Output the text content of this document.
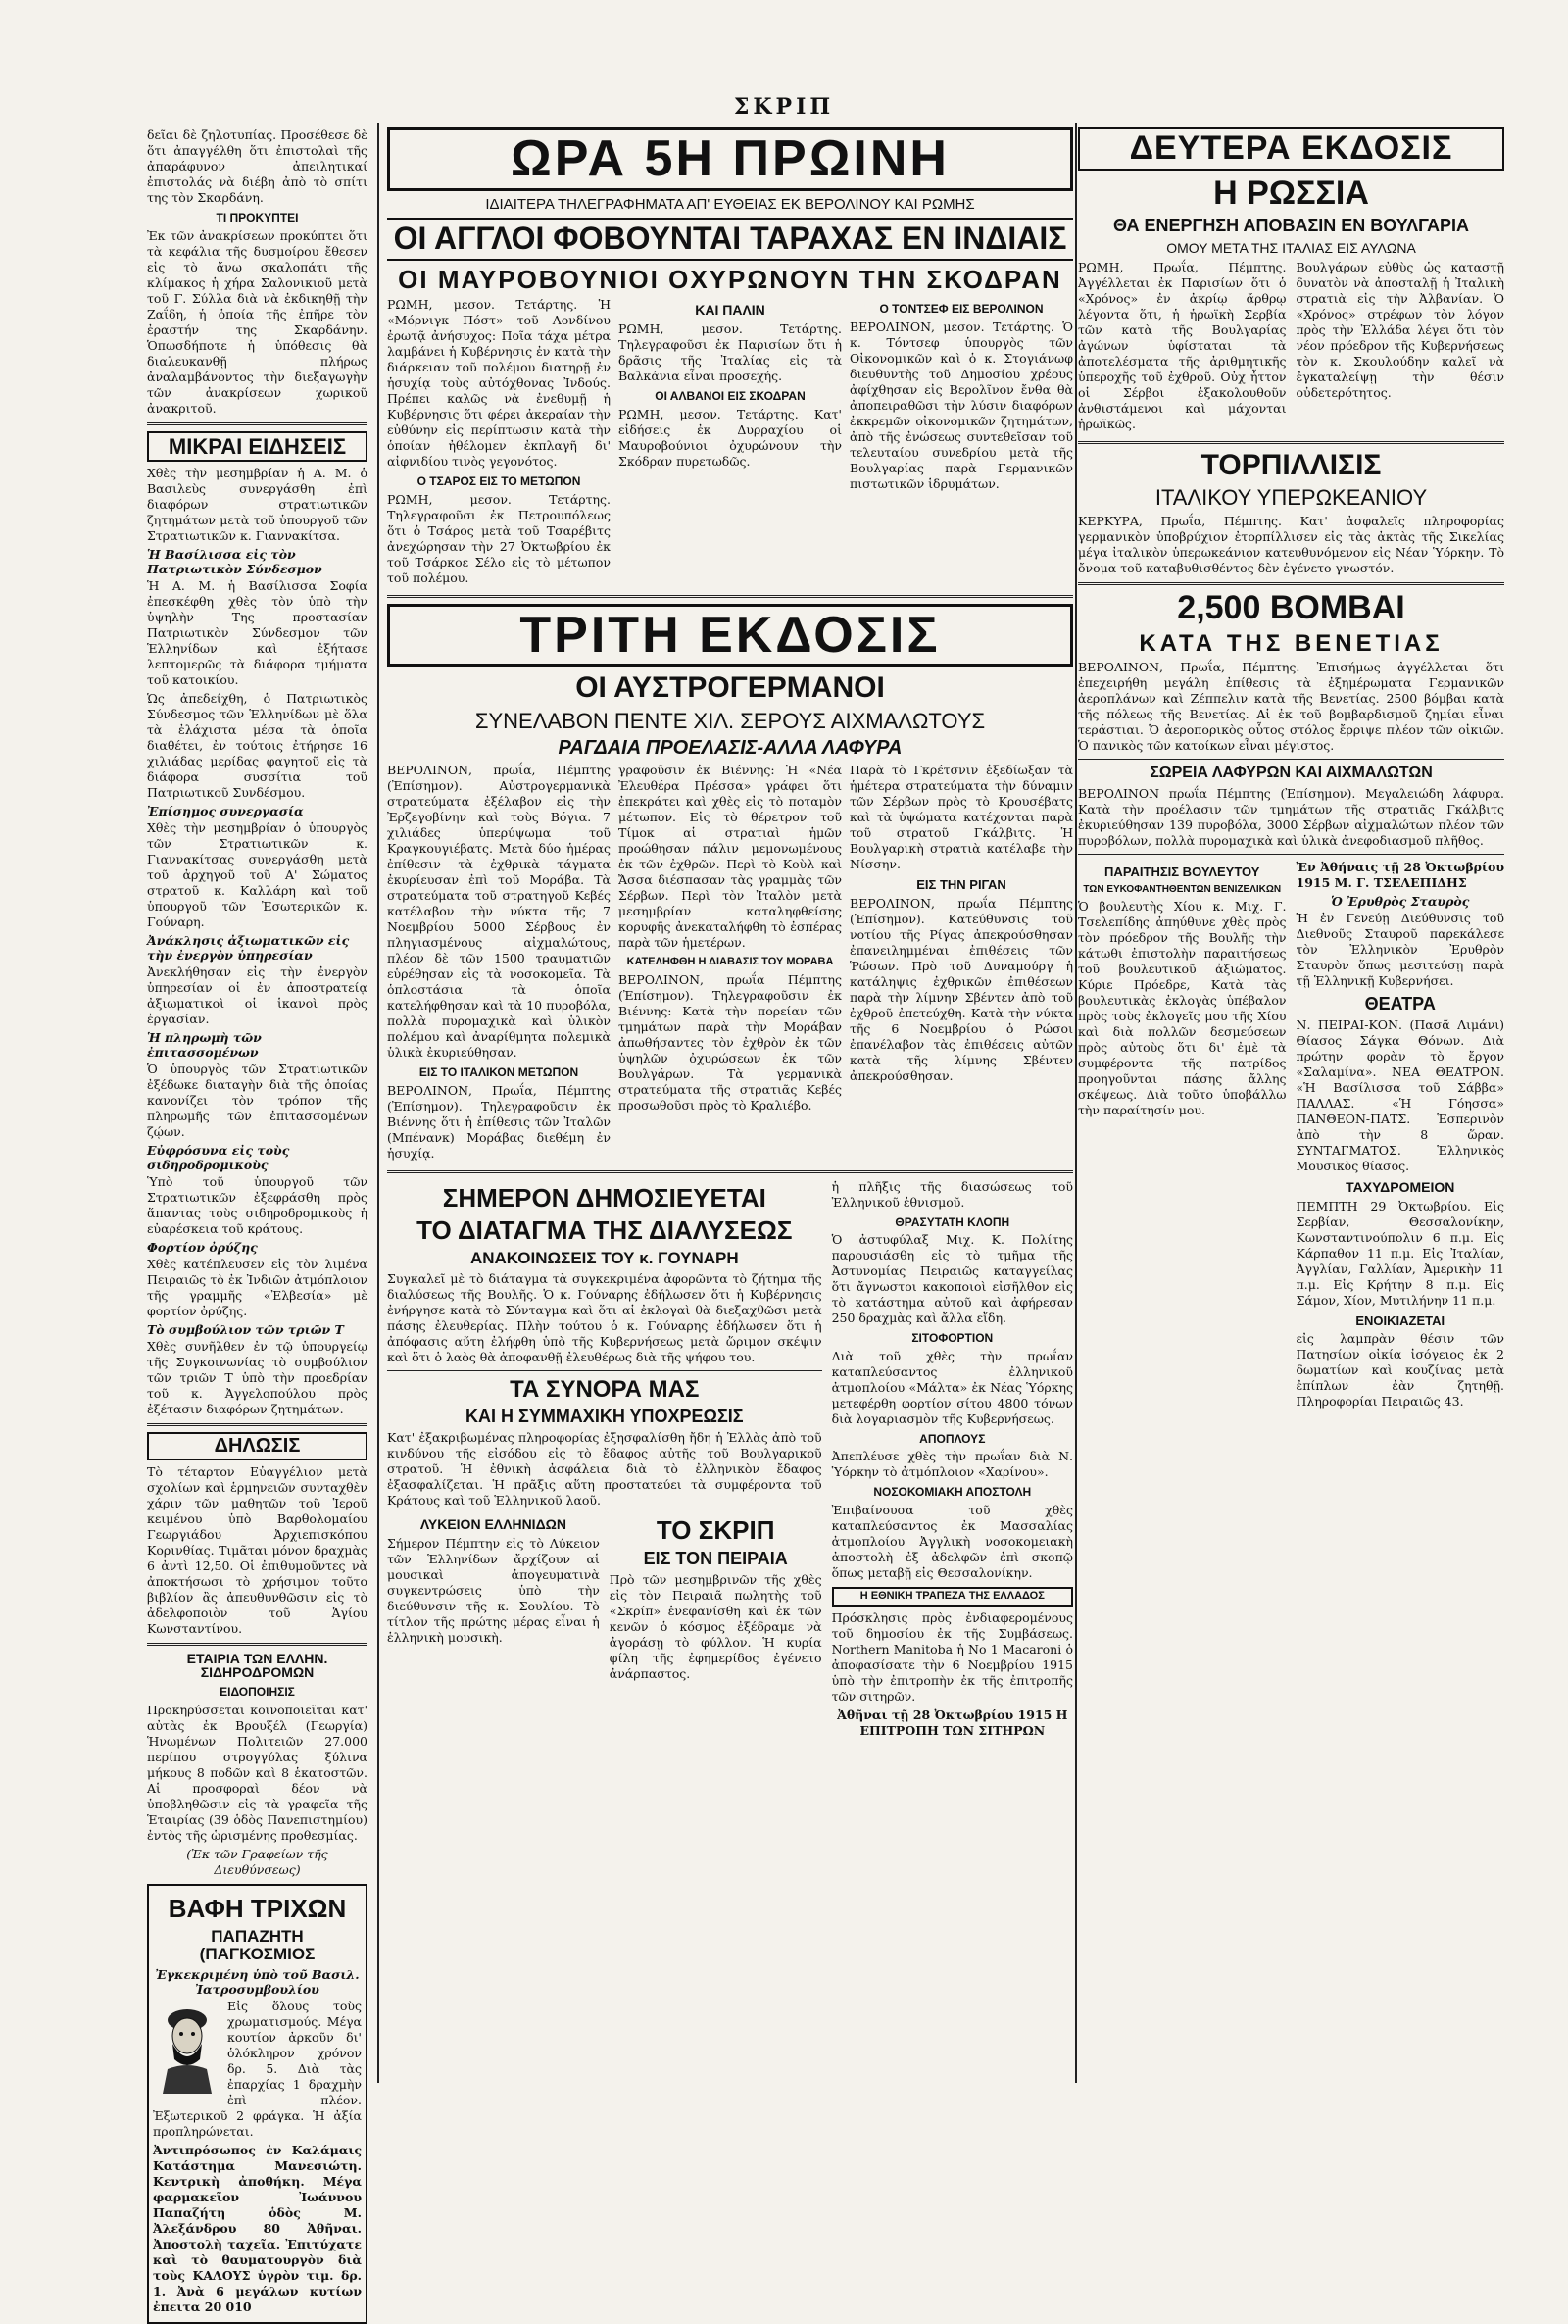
ΣΚΡΙΠ

δεῖαι δὲ ζηλοτυπίας. Προσέθεσε δὲ ὅτι ἀπαγγέλθη ὅτι ἐπιστολαὶ τῆς ἀπαράφυνον ἀπειλητικαί ἐπιστολάς νὰ διέβη ἀπὸ τὸ σπίτι της τὸν Σκαρδάνη.

ΤΙ ΠΡΟΚΥΠΤΕΙ

Ἐκ τῶν ἀνακρίσεων προκύπτει ὅτι τὰ κεφάλια τῆς δυσμοίρου ἔθεσεν εἰς τὸ ἄνω σκαλοπάτι τῆς κλίμακος ἡ χήρα Σαλονικιοῦ μετὰ τοῦ Γ. Σύλλα διὰ νὰ ἐκδικηθῇ τὴν Ζαΐδη, ἡ ὁποία τῆς ἐπῆρε τὸν ἐραστήν της Σκαρδάνην. Ὁπωσδήποτε ἡ ὑπόθεσις θὰ διαλευκανθῇ πλήρως ἀναλαμβάνοντος τὴν διεξαγωγὴν τῶν ἀνακρίσεων χωρικοῦ ἀνακριτοῦ.

ΜΙΚΡΑΙ ΕΙΔΗΣΕΙΣ

Χθὲς τὴν μεσημβρίαν ἡ Α. Μ. ὁ Βασιλεὺς συνεργάσθη ἐπὶ διαφόρων στρατιωτικῶν ζητημάτων μετὰ τοῦ ὑπουργοῦ τῶν Στρατιωτικῶν κ. Γιαννακίτσα.

Ἡ Βασίλισσα εἰς τὸν Πατριωτικὸν Σύνδεσμον

Ἡ Α. Μ. ἡ Βασίλισσα Σοφία ἐπεσκέφθη χθὲς τὸν ὑπὸ τὴν ὑψηλὴν Της προστασίαν Πατριωτικὸν Σύνδεσμον τῶν Ἑλληνίδων καὶ ἐξήτασε λεπτομερῶς τὰ διάφορα τμήματα τοῦ κατοικίου.

Ὡς ἀπεδείχθη, ὁ Πατριωτικὸς Σύνδεσμος τῶν Ἑλληνίδων μὲ ὅλα τὰ ἐλάχιστα μέσα τὰ ὁποῖα διαθέτει, ἐν τούτοις ἐτήρησε 16 χιλιάδας μερίδας φαγητοῦ εἰς τὰ διάφορα συσσίτια τοῦ Πατριωτικοῦ Συνδέσμου.

Ἐπίσημος συνεργασία

Χθὲς τὴν μεσημβρίαν ὁ ὑπουργὸς τῶν Στρατιωτικῶν κ. Γιαννακίτσας συνεργάσθη μετὰ τοῦ ἀρχηγοῦ τοῦ Α' Σώματος στρατοῦ κ. Καλλάρη καὶ τοῦ ὑπουργοῦ τῶν Ἐσωτερικῶν κ. Γούναρη.

Ἀνάκλησις ἀξιωματικῶν εἰς τὴν ἐνεργὸν ὑπηρεσίαν

Ἀνεκλήθησαν εἰς τὴν ἐνεργὸν ὑπηρεσίαν οἱ ἐν ἀποστρατείᾳ ἀξιωματικοὶ οἱ ἱκανοὶ πρὸς ἐργασίαν.

Ἡ πληρωμὴ τῶν ἐπιτασσομένων

Ὁ ὑπουργὸς τῶν Στρατιωτικῶν ἐξέδωκε διαταγὴν διὰ τῆς ὁποίας κανονίζει τὸν τρόπον τῆς πληρωμῆς τῶν ἐπιτασσομένων ζῴων.

Εὐφρόσυνα εἰς τοὺς σιδηροδρομικοὺς

Ὑπὸ τοῦ ὑπουργοῦ τῶν Στρατιωτικῶν ἐξεφράσθη πρὸς ἅπαντας τοὺς σιδηροδρομικοὺς ἡ εὐαρέσκεια τοῦ κράτους.

Φορτίον ὀρύζης

Χθὲς κατέπλευσεν εἰς τὸν λιμένα Πειραιῶς τὸ ἐκ Ἰνδιῶν ἀτμόπλοιον τῆς γραμμῆς «Ἐλβεσία» μὲ φορτίον ὀρύζης.

Τὸ συμβούλιον τῶν τριῶν Τ

Χθὲς συνῆλθεν ἐν τῷ ὑπουργείῳ τῆς Συγκοινωνίας τὸ συμβούλιον τῶν τριῶν Τ ὑπὸ τὴν προεδρίαν τοῦ κ. Ἀγγελοπούλου πρὸς ἐξέτασιν διαφόρων ζητημάτων.

ΔΗΛΩΣΙΣ

Τὸ τέταρτον Εὐαγγέλιον μετὰ σχολίων καὶ ἑρμηνειῶν συνταχθὲν χάριν τῶν μαθητῶν τοῦ Ἱεροῦ κειμένου ὑπὸ Βαρθολομαίου Γεωργιάδου Ἀρχιεπισκόπου Κορινθίας. Τιμᾶται μόνον δραχμὰς 6 ἀντὶ 12,50. Οἱ ἐπιθυμοῦντες νὰ ἀποκτήσωσι τὸ χρήσιμον τοῦτο βιβλίον ἂς ἀπευθυνθῶσιν εἰς τὸ ἀδελφοποιὸν τοῦ Ἁγίου Κωνσταντίνου.

ΕΤΑΙΡΙΑ ΤΩΝ ΕΛΛΗΝ. ΣΙΔΗΡΟΔΡΟΜΩΝ
ΕΙΔΟΠΟΙΗΣΙΣ

Προκηρύσσεται κοινοποιεῖται κατ' αὐτὰς ἐκ Βρουξέλ (Γεωργία) Ἡνωμένων Πολιτειῶν 27.000 περίπου στρογγύλας ξύλινα μήκους 8 ποδῶν καὶ 8 ἑκατοστῶν. Αἱ προσφοραὶ δέον νὰ ὑποβληθῶσιν εἰς τὰ γραφεῖα τῆς Ἑταιρίας (39 ὁδὸς Πανεπιστημίου) ἐντὸς τῆς ὡρισμένης προθεσμίας.

(Ἐκ τῶν Γραφείων τῆς Διευθύνσεως)

ΒΑΦΗ ΤΡΙΧΩΝ
ΠΑΠΑΖΗΤΗ (ΠΑΓΚΟΣΜΙΟΣ
Ἐγκεκριμένη ὑπὸ τοῦ Βασιλ. Ἰατροσυμβουλίου

Εἰς ὅλους τοὺς χρωματισμούς. Μέγα κουτίον ἀρκοῦν δι' ὁλόκληρον χρόνον δρ. 5. Διὰ τὰς ἐπαρχίας 1 δραχμὴν ἐπὶ πλέον. Ἐξωτερικοῦ 2 φράγκα. Ἡ ἀξία προπληρώνεται.

Ἀντιπρόσωπος ἐν Καλάμαις Κατάστημα Μανεσιώτη. Κεντρικὴ ἀποθήκη. Μέγα φαρμακεῖον Ἰωάννου Παπαζήτη ὁδὸς Μ. Ἀλεξάνδρου 80 Ἀθῆναι. Ἀποστολὴ ταχεῖα. Ἐπιτύχατε καὶ τὸ θαυματουργὸν διὰ τοὺς ΚΑΛΟΥΣ ὑγρὸν τιμ. δρ. 1. Ἀνὰ 6 μεγάλων κυτίων ἐπειτα 20 010

ΩΡΑ 5Η ΠΡΩΙΝΗ
ΙΔΙΑΙΤΕΡΑ ΤΗΛΕΓΡΑΦΗΜΑΤΑ ΑΠ' ΕΥΘΕΙΑΣ ΕΚ ΒΕΡΟΛΙΝΟΥ ΚΑΙ ΡΩΜΗΣ
ΟΙ ΑΓΓΛΟΙ ΦΟΒΟΥΝΤΑΙ ΤΑΡΑΧΑΣ ΕΝ ΙΝΔΙΑΙΣ
ΟΙ ΜΑΥΡΟΒΟΥΝΙΟΙ ΟΧΥΡΩΝΟΥΝ ΤΗΝ ΣΚΟΔΡΑΝ

ΡΩΜΗ, μεσον. Τετάρτης. Ἡ «Μόρνιγκ Πόστ» τοῦ Λονδίνου ἐρωτᾷ ἀνήσυχος: Ποῖα τάχα μέτρα λαμβάνει ἡ Κυβέρνησις ἐν κατὰ τὴν διάρκειαν τοῦ πολέμου διατηρῇ ἐν ἡσυχίᾳ τοὺς αὐτόχθονας Ἰνδούς. Πρέπει καλῶς νὰ ἐνεθυμῇ ἡ Κυβέρνησις ὅτι φέρει ἀκεραίαν τὴν εὐθύνην εἰς περίπτωσιν κατὰ τὴν ὁποίαν ἠθέλομεν ἐκπλαγῆ δι' αἰφνιδίου τινὸς γεγονότος.

Ο ΤΣΑΡΟΣ ΕΙΣ ΤΟ ΜΕΤΩΠΟΝ

ΡΩΜΗ, μεσον. Τετάρτης. Τηλεγραφοῦσι ἐκ Πετρουπόλεως ὅτι ὁ Τσάρος μετὰ τοῦ Τσαρέβιτς ἀνεχώρησαν τὴν 27 Ὀκτωβρίου ἐκ τοῦ Τσάρκοε Σέλο εἰς τὸ μέτωπον τοῦ πολέμου.

ΚΑΙ ΠΑΛΙΝ

ΡΩΜΗ, μεσον. Τετάρτης. Τηλεγραφοῦσι ἐκ Παρισίων ὅτι ἡ δρᾶσις τῆς Ἰταλίας εἰς τὰ Βαλκάνια εἶναι προσεχής.

ΟΙ ΑΛΒΑΝΟΙ ΕΙΣ ΣΚΟΔΡΑΝ

ΡΩΜΗ, μεσον. Τετάρτης. Κατ' εἰδήσεις ἐκ Δυρραχίου οἱ Μαυροβούνιοι ὀχυρώνουν τὴν Σκόδραν πυρετωδῶς.

Ο ΤΟΝΤΣΕΦ ΕΙΣ ΒΕΡΟΛΙΝΟΝ

ΒΕΡΟΛΙΝΟΝ, μεσον. Τετάρτης. Ὁ κ. Τόντσεφ ὑπουργὸς τῶν Οἰκονομικῶν καὶ ὁ κ. Στογιάνωφ διευθυντὴς τοῦ Δημοσίου χρέους ἀφίχθησαν εἰς Βερολῖνον ἔνθα θὰ ἀποπειραθῶσι τὴν λύσιν διαφόρων ἐκκρεμῶν οἰκονομικῶν ζητημάτων, ἀπὸ τῆς ἐνώσεως συντεθεῖσαν τοῦ τελευταίου συνεδρίου μετὰ τῆς Βουλγαρίας παρὰ Γερμανικῶν πιστωτικῶν ἱδρυμάτων.

ΤΡΙΤΗ ΕΚΔΟΣΙΣ
ΟΙ ΑΥΣΤΡΟΓΕΡΜΑΝΟΙ
ΣΥΝΕΛΑΒΟΝ ΠΕΝΤΕ ΧΙΛ. ΣΕΡΟΥΣ ΑΙΧΜΑΛΩΤΟΥΣ
ΡΑΓΔΑΙΑ ΠΡΟΕΛΑΣΙΣ-ΑΛΛΑ ΛΑΦΥΡΑ

ΒΕΡΟΛΙΝΟΝ, πρωΐα, Πέμπτης (Ἐπίσημον). Αὐστρογερμανικὰ στρατεύματα ἐξέλαβον εἰς τὴν Ἐρζεγοβίνην καὶ τοὺς Βόγια. 7 χιλιάδες ὑπερύψωμα τοῦ Κραγκουγιέβατς. Μετὰ δύο ἡμέρας ἐπίθεσιν τὰ ἐχθρικὰ τάγματα ἐκυρίευσαν ἐπὶ τοῦ Μοράβα. Τὰ στρατεύματα τοῦ στρατηγοῦ Κεβές κατέλαβον τὴν νύκτα τῆς 7 Νοεμβρίου 5000 Σέρβους ἐν πληγιασμένους αἰχμαλώτους, πλέον δὲ τῶν 1500 τραυματιῶν εὑρέθησαν εἰς τὰ νοσοκομεῖα. Τὰ ὁπλοστάσια τὰ ὁποῖα κατελήφθησαν καὶ τὰ 10 πυροβόλα, πολλὰ πυρομαχικὰ καὶ ὑλικὸν πολέμου καὶ ἀναρίθμητα πολεμικὰ ὑλικὰ ἐκυριεύθησαν.

ΕΙΣ ΤΟ ΙΤΑΛΙΚΟΝ ΜΕΤΩΠΟΝ

ΒΕΡΟΛΙΝΟΝ, Πρωΐα, Πέμπτης (Ἐπίσημον). Τηλεγραφοῦσιν ἐκ Βιέννης ὅτι ἡ ἐπίθεσις τῶν Ἰταλῶν (Μπένανκ) Μοράβας διεθέμη ἐν ἡσυχίᾳ.

γραφοῦσιν ἐκ Βιέννης: Ἡ «Νέα Ἐλευθέρα Πρέσσα» γράφει ὅτι ἐπεκράτει καὶ χθὲς εἰς τὸ ποταμὸν μέτωπον. Εἰς τὸ θέρετρον τοῦ Τίμοκ αἱ στρατιαὶ ἡμῶν προώθησαν πάλιν μεμονωμένους ἐκ τῶν ἐχθρῶν. Περὶ τὸ Κοὺλ καὶ Ἄσσα διέσπασαν τὰς γραμμὰς τῶν Σέρβων. Περὶ τὸν Ἰταλὸν μετὰ μεσημβρίαν καταληφθείσης κορυφῆς ἀνεκαταλήφθη τὸ ἐσπέρας παρὰ τῶν ἡμετέρων.

ΚΑΤΕΛΗΦΘΗ Η ΔΙΑΒΑΣΙΣ ΤΟΥ ΜΟΡΑΒΑ

ΒΕΡΟΛΙΝΟΝ, πρωΐα Πέμπτης (Ἐπίσημον). Τηλεγραφοῦσιν ἐκ Βιέννης: Κατὰ τὴν πορείαν τῶν τμημάτων παρὰ τὴν Μοράβαν ἀπωθήσαντες τὸν ἐχθρὸν ἐκ τῶν ὑψηλῶν ὀχυρώσεων ἐκ τῶν Βουλγάρων. Τὰ γερμανικὰ στρατεύματα τῆς στρατιᾶς Κεβές προσωθοῦσι πρὸς τὸ Κραλιέβο.

Παρὰ τὸ Γκρέτσνιν ἐξεδίωξαν τὰ ἡμέτερα στρατεύματα τὴν δύναμιν τῶν Σέρβων πρὸς τὸ Κρουσέβατς καὶ τὰ ὑψώματα κατέχονται παρὰ τοῦ στρατοῦ Γκάλβιτς. Ἡ Βουλγαρικὴ στρατιὰ κατέλαβε τὴν Νίσσην.

ΕΙΣ ΤΗΝ ΡΙΓΑΝ

ΒΕΡΟΛΙΝΟΝ, πρωΐα Πέμπτης (Ἐπίσημον). Κατεύθυνσις τοῦ νοτίου τῆς Ρίγας ἀπεκρούσθησαν ἐπανειλημμέναι ἐπιθέσεις τῶν Ῥώσων. Πρὸ τοῦ Δυναμούργ ἡ κατάληψις ἐχθρικῶν ἐπιθέσεων παρὰ τὴν λίμνην Σβέντεν ἀπὸ τοῦ ἐχθροῦ ἐπετεύχθη. Κατὰ τὴν νύκτα τῆς 6 Νοεμβρίου ὁ Ρώσοι ἐπανέλαβον τὰς ἐπιθέσεις αὐτῶν κατὰ τῆς λίμνης Σβέντεν ἀπεκρούσθησαν.

ΣΗΜΕΡΟΝ ΔΗΜΟΣΙΕΥΕΤΑΙ
ΤΟ ΔΙΑΤΑΓΜΑ ΤΗΣ ΔΙΑΛΥΣΕΩΣ
ΑΝΑΚΟΙΝΩΣΕΙΣ ΤΟΥ κ. ΓΟΥΝΑΡΗ

Συγκαλεῖ μὲ τὸ διάταγμα τὰ συγκεκριμένα ἀφορῶντα τὸ ζήτημα τῆς διαλύσεως τῆς Βουλῆς. Ὁ κ. Γούναρης ἐδήλωσεν ὅτι ἡ Κυβέρνησις ἐνήργησε κατὰ τὸ Σύνταγμα καὶ ὅτι αἱ ἐκλογαὶ θὰ διεξαχθῶσι μετὰ πάσης ἐλευθερίας. Πλὴν τούτου ὁ κ. Γούναρης ἐδήλωσεν ὅτι ἡ ἀπόφασις αὕτη ἐλήφθη ὑπὸ τῆς Κυβερνήσεως μετὰ ὥριμον σκέψιν καὶ ὅτι ὁ λαὸς θὰ ἀποφανθῇ ἐλευθέρως διὰ τῆς ψήφου του.

ΤΑ ΣΥΝΟΡΑ ΜΑΣ
ΚΑΙ Η ΣΥΜΜΑΧΙΚΗ ΥΠΟΧΡΕΩΣΙΣ

Κατ' ἐξακριβωμένας πληροφορίας ἐξησφαλίσθη ἤδη ἡ Ἑλλὰς ἀπὸ τοῦ κινδύνου τῆς εἰσόδου εἰς τὸ ἔδαφος αὐτῆς τοῦ Βουλγαρικοῦ στρατοῦ. Ἡ ἐθνικὴ ἀσφάλεια διὰ τὸ ἐλληνικὸν ἔδαφος ἐξασφαλίζεται. Ἡ πρᾶξις αὕτη προστατεύει τὰ συμφέροντα τοῦ Κράτους καὶ τοῦ Ἑλληνικοῦ λαοῦ.

ΛΥΚΕΙΟΝ ΕΛΛΗΝΙΔΩΝ

Σήμερον Πέμπτην εἰς τὸ Λύκειον τῶν Ἑλληνίδων ἄρχίζουν αἱ μουσικαὶ ἀπογευματινὰ συγκεντρώσεις ὑπὸ τὴν διεύθυνσιν τῆς κ. Σουλίου. Τὸ τίτλον τῆς πρώτης μέρας εἶναι ἡ ἑλληνικὴ μουσικὴ.

ΤΟ ΣΚΡΙΠ
ΕΙΣ ΤΟΝ ΠΕΙΡΑΙΑ

Πρὸ τῶν μεσημβρινῶν τῆς χθὲς εἰς τὸν Πειραιᾶ πωλητὴς τοῦ «Σκρίπ» ἐνεφανίσθη καὶ ἐκ τῶν κενῶν ὁ κόσμος ἐξέδραμε νὰ ἀγοράσῃ τὸ φύλλον. Ἡ κυρία φίλη τῆς ἐφημερίδος ἐγένετο ἀνάρπαστος.

ἡ πλῆξις τῆς διασώσεως τοῦ Ἑλληνικοῦ ἐθνισμοῦ.

ΘΡΑΣΥΤΑΤΗ ΚΛΟΠΗ

Ὁ ἀστυφύλαξ Μιχ. Κ. Πολίτης παρουσιάσθη εἰς τὸ τμῆμα τῆς Ἀστυνομίας Πειραιῶς καταγγείλας ὅτι ἄγνωστοι κακοποιοὶ εἰσῆλθον εἰς τὸ κατάστημα αὐτοῦ καὶ ἀφήρεσαν 250 δραχμὰς καὶ ἄλλα εἴδη.

ΣΙΤΟΦΟΡΤΙΟΝ

Διὰ τοῦ χθὲς τὴν πρωΐαν καταπλεύσαντος ἐλληνικοῦ ἀτμοπλοίου «Μάλτα» ἐκ Νέας Ὑόρκης μετεφέρθη φορτίον σίτου 4800 τόνων διὰ λογαριασμὸν τῆς Κυβερνήσεως.

ΑΠΟΠΛΟΥΣ

Ἀπεπλέυσε χθὲς τὴν πρωΐαν διὰ Ν. Ὑόρκην τὸ ἀτμόπλοιον «Χαρίνου».

ΝΟΣΟΚΟΜΙΑΚΗ ΑΠΟΣΤΟΛΗ

Ἐπιβαίνουσα τοῦ χθὲς καταπλεύσαντος ἐκ Μασσαλίας ἀτμοπλοίου Ἀγγλικὴ νοσοκομειακὴ ἀποστολὴ ἐξ ἀδελφῶν ἐπὶ σκοπῷ ὅπως μεταβῇ εἰς Θεσσαλονίκην.

Η ΕΘΝΙΚΗ ΤΡΑΠΕΖΑ ΤΗΣ ΕΛΛΑΔΟΣ

Πρόσκλησις πρὸς ἐνδιαφερομένους τοῦ δημοσίου ἐκ τῆς Συμβάσεως. Northern Manitoba ἡ Νο 1 Macaroni ὁ ἀποφασίσατε τὴν 6 Νοεμβρίου 1915 ὑπὸ τὴν ἐπιτροπὴν ἐκ τῆς ἐπιτροπῆς τῶν σιτηρῶν.

Ἀθῆναι τῇ 28 Ὀκτωβρίου 1915 Η ΕΠΙΤΡΟΠΗ ΤΩΝ ΣΙΤΗΡΩΝ

ΔΕΥΤΕΡΑ ΕΚΔΟΣΙΣ
Η ΡΩΣΣΙΑ
ΘΑ ΕΝΕΡΓΗΣΗ ΑΠΟΒΑΣΙΝ ΕΝ ΒΟΥΛΓΑΡΙΑ
ΟΜΟΥ ΜΕΤΑ ΤΗΣ ΙΤΑΛΙΑΣ ΕΙΣ ΑΥΛΩΝΑ

ΡΩΜΗ, Πρωΐα, Πέμπτης. Ἀγγέλλεται ἐκ Παρισίων ὅτι ὁ «Χρόνος» ἐν ἀκρίῳ ἄρθρῳ λέγοντα ὅτι, ἡ ἡρωϊκὴ Σερβία τῶν κατὰ τῆς Βουλγαρίας ἀγώνων ὑφίσταται τὰ ἀποτελέσματα τῆς ἀριθμητικῆς ὑπεροχῆς τοῦ ἐχθροῦ. Οὐχ ἧττον οἱ Σέρβοι ἐξακολουθοῦν ἀνθιστάμενοι καὶ μάχονται ἡρωϊκῶς.

Βουλγάρων εὐθὺς ὡς καταστῇ δυνατὸν νὰ ἀποσταλῇ ἡ Ἰταλικὴ στρατιὰ εἰς τὴν Ἀλβανίαν. Ὁ «Χρόνος» στρέφων τὸν λόγον πρὸς τὴν Ἑλλάδα λέγει ὅτι τὸν νέον πρόεδρον τῆς Κυβερνήσεως τὸν κ. Σκουλούδην καλεῖ νὰ ἐγκαταλείψῃ τὴν θέσιν οὐδετερότητος.

ΤΟΡΠΙΛΛΙΣΙΣ
ΙΤΑΛΙΚΟΥ ΥΠΕΡΩΚΕΑΝΙΟΥ

ΚΕΡΚΥΡΑ, Πρωΐα, Πέμπτης. Κατ' ἀσφαλεῖς πληροφορίας γερμανικὸν ὑποβρύχιον ἐτορπίλλισεν εἰς τὰς ἀκτὰς τῆς Σικελίας μέγα ἰταλικὸν ὑπερωκεάνιον κατευθυνόμενον εἰς Νέαν Ὑόρκην. Τὸ ὄνομα τοῦ καταβυθισθέντος δὲν ἐγένετο γνωστόν.

2,500 ΒΟΜΒΑΙ
ΚΑΤΑ ΤΗΣ ΒΕΝΕΤΙΑΣ

ΒΕΡΟΛΙΝΟΝ, Πρωΐα, Πέμπτης. Ἐπισήμως ἀγγέλλεται ὅτι ἐπεχειρήθη μεγάλη ἐπίθεσις τὰ ἐξημέρωματα Γερμανικῶν ἀεροπλάνων καὶ Ζέππελιν κατὰ τῆς Βενετίας. 2500 βόμβαι κατὰ τῆς πόλεως τῆς Βενετίας. Αἱ ἐκ τοῦ βομβαρδισμοῦ ζημίαι εἶναι τεράστιαι. Ὁ ἀεροπορικὸς οὗτος στόλος ἔρριψε πλέον τῶν οἰκιῶν. Ὁ πανικὸς τῶν κατοίκων εἶναι μέγιστος.

ΣΩΡΕΙΑ ΛΑΦΥΡΩΝ ΚΑΙ ΑΙΧΜΑΛΩΤΩΝ

ΒΕΡΟΛΙΝΟΝ πρωΐα Πέμπτης (Ἐπίσημον). Μεγαλειώδη λάφυρα. Κατὰ τὴν προέλασιν τῶν τμημάτων τῆς στρατιᾶς Γκάλβιτς ἐκυριεύθησαν 139 πυροβόλα, 3000 Σέρβων αἰχμαλώτων πλέον τῶν πυροβόλων, πολλὰ πυρομαχικὰ καὶ ὑλικὰ ἀνεφοδιασμοῦ πλῆθος.

ΠΑΡΑΙΤΗΣΙΣ ΒΟΥΛΕΥΤΟΥ
ΤΩΝ ΕΥΚΟΦΑΝΤΗΘΕΝΤΩΝ ΒΕΝΙΖΕΛΙΚΩΝ

Ὁ βουλευτὴς Χίου κ. Μιχ. Γ. Τσελεπίδης ἀπηύθυνε χθὲς πρὸς τὸν πρόεδρον τῆς Βουλῆς τὴν κάτωθι ἐπιστολὴν παραιτήσεως τοῦ βουλευτικοῦ ἀξιώματος. Κύριε Πρόεδρε, Κατὰ τὰς βουλευτικὰς ἐκλογὰς ὑπέβαλον πρὸς τοὺς ἐκλογεῖς μου τῆς Χίου καὶ διὰ πολλῶν δεσμεύσεων πρὸς αὐτοὺς ὅτι δι' ἐμὲ τὰ συμφέροντα τῆς πατρίδος προηγοῦνται πάσης ἄλλης σκέψεως. Διὰ τοῦτο ὑποβάλλω τὴν παραίτησίν μου.

Ἐν Ἀθήναις τῇ 28 Ὀκτωβρίου 1915 Μ. Γ. ΤΣΕΛΕΠΙΔΗΣ

Ὁ Ἐρυθρὸς Σταυρὸς

Ἡ ἐν Γενεύῃ Διεύθυνσις τοῦ Διεθνοῦς Σταυροῦ παρεκάλεσε τὸν Ἑλληνικὸν Ἐρυθρὸν Σταυρὸν ὅπως μεσιτεύσῃ παρὰ τῇ Ἑλληνικῇ Κυβερνήσει.

ΘΕΑΤΡΑ

Ν. ΠΕΙΡΑΙ-ΚΟΝ. (Πασᾶ Λιμάνι) Θίασος Σάγκα Θόνων. Διὰ πρώτην φορὰν τὸ ἔργον «Σαλαμίνα». ΝΕΑ ΘΕΑΤΡΟΝ. «Ἡ Βασίλισσα τοῦ Σάββα» ΠΑΛΛΑΣ. «Ἡ Γόησσα» ΠΑΝΘΕΟΝ-ΠΑΤΣ. Ἑσπερινὸν ἀπὸ τὴν 8 ὥραν. ΣΥΝΤΑΓΜΑΤΟΣ. Ἑλληνικὸς Μουσικὸς θίασος.

ΤΑΧΥΔΡΟΜΕΙΟΝ

ΠΕΜΠΤΗ 29 Ὀκτωβρίου. Εἰς Σερβίαν, Θεσσαλονίκην, Κωνσταντινούπολιν 6 π.μ. Εἰς Κάρπαθον 11 π.μ. Εἰς Ἰταλίαν, Ἀγγλίαν, Γαλλίαν, Ἀμερικὴν 11 π.μ. Εἰς Κρήτην 8 π.μ. Εἰς Σάμον, Χίον, Μυτιλήνην 11 π.μ.

ΕΝΟΙΚΙΑΖΕΤΑΙ

εἰς λαμπρὰν θέσιν τῶν Πατησίων οἰκία ἰσόγειος ἐκ 2 δωματίων καὶ κουζίνας μετὰ ἐπίπλων ἐὰν ζητηθῇ. Πληροφορίαι Πειραιῶς 43.
